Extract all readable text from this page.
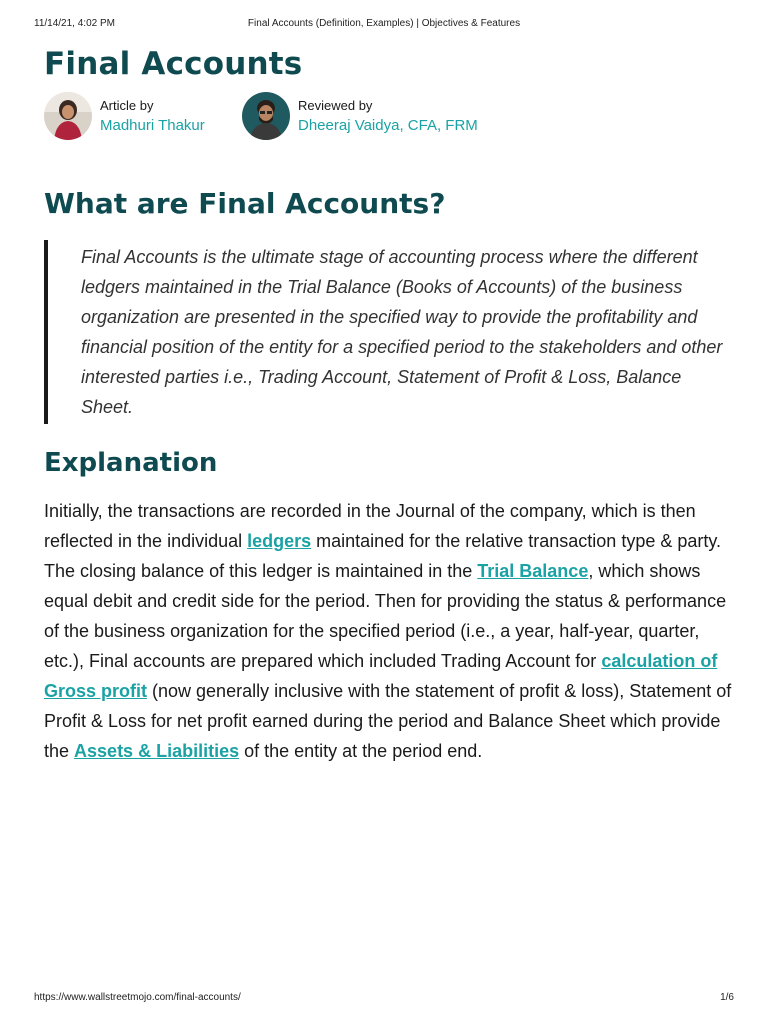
11/14/21, 4:02 PM	Final Accounts (Definition, Examples) | Objectives & Features
Final Accounts
Article by
Madhuri Thakur
Reviewed by
Dheeraj Vaidya, CFA, FRM
What are Final Accounts?
Final Accounts is the ultimate stage of accounting process where the different ledgers maintained in the Trial Balance (Books of Accounts) of the business organization are presented in the specified way to provide the profitability and financial position of the entity for a specified period to the stakeholders and other interested parties i.e., Trading Account, Statement of Profit & Loss, Balance Sheet.
Explanation

Initially, the transactions are recorded in the Journal of the company, which is then reflected in the individual ledgers maintained for the relative transaction type & party. The closing balance of this ledger is maintained in the Trial Balance, which shows equal debit and credit side for the period. Then for providing the status & performance of the business organization for the specified period (i.e., a year, half-year, quarter, etc.), Final accounts are prepared which included Trading Account for calculation of Gross profit (now generally inclusive with the statement of profit & loss), Statement of Profit & Loss for net profit earned during the period and Balance Sheet which provide the Assets & Liabilities of the entity at the period end.

https://www.wallstreetmojo.com/final-accounts/	1/6
